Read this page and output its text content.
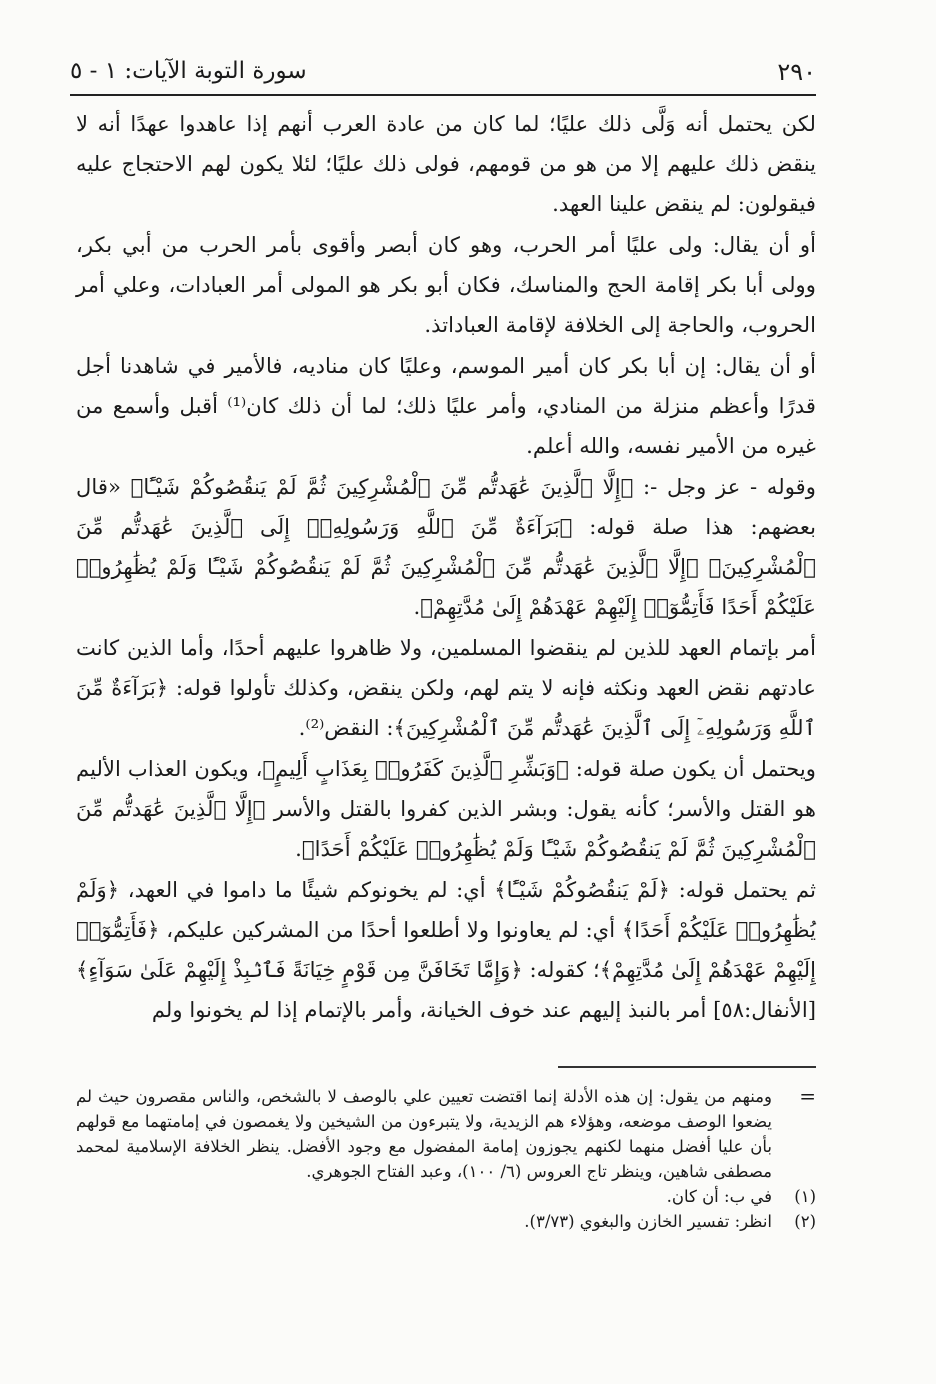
٢٩٠
سورة التوبة الآيات: ١ - ٥

لكن يحتمل أنه وَلَّى ذلك عليًا؛ لما كان من عادة العرب أنهم إذا عاهدوا عهدًا أنه لا ينقض ذلك عليهم إلا من هو من قومهم، فولى ذلك عليًا؛ لئلا يكون لهم الاحتجاج عليه فيقولون: لم ينقض علينا العهد.

أو أن يقال: ولى عليًا أمر الحرب، وهو كان أبصر وأقوى بأمر الحرب من أبي بكر، وولى أبا بكر إقامة الحج والمناسك، فكان أبو بكر هو المولى أمر العبادات، وعلي أمر الحروب، والحاجة إلى الخلافة لإقامة العباداتذ.

أو أن يقال: إن أبا بكر كان أمير الموسم، وعليًا كان مناديه، فالأمير في شاهدنا أجل قدرًا وأعظم منزلة من المنادي، وأمر عليًا ذلك؛ لما أن ذلك كان⁽¹⁾ أقبل وأسمع من غيره من الأمير نفسه، والله أعلم.

وقوله - عز وجل -: ﴿إِلَّا ٱلَّذِينَ عَٰهَدتُّم مِّنَ ٱلْمُشْرِكِينَ ثُمَّ لَمْ يَنقُصُوكُمْ شَيْـًٔا﴾ «قال بعضهم: هذا صلة قوله: ﴿بَرَآءَةٌ مِّنَ ٱللَّهِ وَرَسُولِهِۦٓ إِلَى ٱلَّذِينَ عَٰهَدتُّم مِّنَ ٱلْمُشْرِكِينَ﴾ ﴿إِلَّا ٱلَّذِينَ عَٰهَدتُّم مِّنَ ٱلْمُشْرِكِينَ ثُمَّ لَمْ يَنقُصُوكُمْ شَيْـًٔا وَلَمْ يُظَٰهِرُوا۟ عَلَيْكُمْ أَحَدًا فَأَتِمُّوٓا۟ إِلَيْهِمْ عَهْدَهُمْ إِلَىٰ مُدَّتِهِمْ﴾.

أمر بإتمام العهد للذين لم ينقضوا المسلمين، ولا ظاهروا عليهم أحدًا، وأما الذين كانت عادتهم نقض العهد ونكثه فإنه لا يتم لهم، ولكن ينقض، وكذلك تأولوا قوله: ﴿بَرَآءَةٌ مِّنَ ٱللَّهِ وَرَسُولِهِۦٓ إِلَى ٱلَّذِينَ عَٰهَدتُّم مِّنَ ٱلْمُشْرِكِينَ﴾: النقض⁽²⁾.

ويحتمل أن يكون صلة قوله: ﴿وَبَشِّرِ ٱلَّذِينَ كَفَرُوا۟ بِعَذَابٍ أَلِيمٍ﴾، ويكون العذاب الأليم هو القتل والأسر؛ كأنه يقول: وبشر الذين كفروا بالقتل والأسر ﴿إِلَّا ٱلَّذِينَ عَٰهَدتُّم مِّنَ ٱلْمُشْرِكِينَ ثُمَّ لَمْ يَنقُصُوكُمْ شَيْـًٔا وَلَمْ يُظَٰهِرُوا۟ عَلَيْكُمْ أَحَدًا﴾.

ثم يحتمل قوله: ﴿لَمْ يَنقُصُوكُمْ شَيْـًٔا﴾ أي: لم يخونوكم شيئًا ما داموا في العهد، ﴿وَلَمْ يُظَٰهِرُوا۟ عَلَيْكُمْ أَحَدًا﴾ أي: لم يعاونوا ولا أطلعوا أحدًا من المشركين عليكم، ﴿فَأَتِمُّوٓا۟ إِلَيْهِمْ عَهْدَهُمْ إِلَىٰ مُدَّتِهِمْ﴾؛ كقوله: ﴿وَإِمَّا تَخَافَنَّ مِن قَوْمٍ خِيَانَةً فَٱنۢبِذْ إِلَيْهِمْ عَلَىٰ سَوَآءٍ﴾ [الأنفال:٥٨] أمر بالنبذ إليهم عند خوف الخيانة، وأمر بالإتمام إذا لم يخونوا ولم

=
ومنهم من يقول: إن هذه الأدلة إنما اقتضت تعيين علي بالوصف لا بالشخص، والناس مقصرون حيث لم يضعوا الوصف موضعه، وهؤلاء هم الزيدية، ولا يتبرءون من الشيخين ولا يغمصون في إمامتهما مع قولهم بأن عليا أفضل منهما لكنهم يجوزون إمامة المفضول مع وجود الأفضل. ينظر الخلافة الإسلامية لمحمد مصطفى شاهين، وينظر تاج العروس (٦/ ١٠٠)، وعبد الفتاح الجوهري.
(١)
في ب: أن كان.
(٢)
انظر: تفسير الخازن والبغوي (٣/٧٣).
